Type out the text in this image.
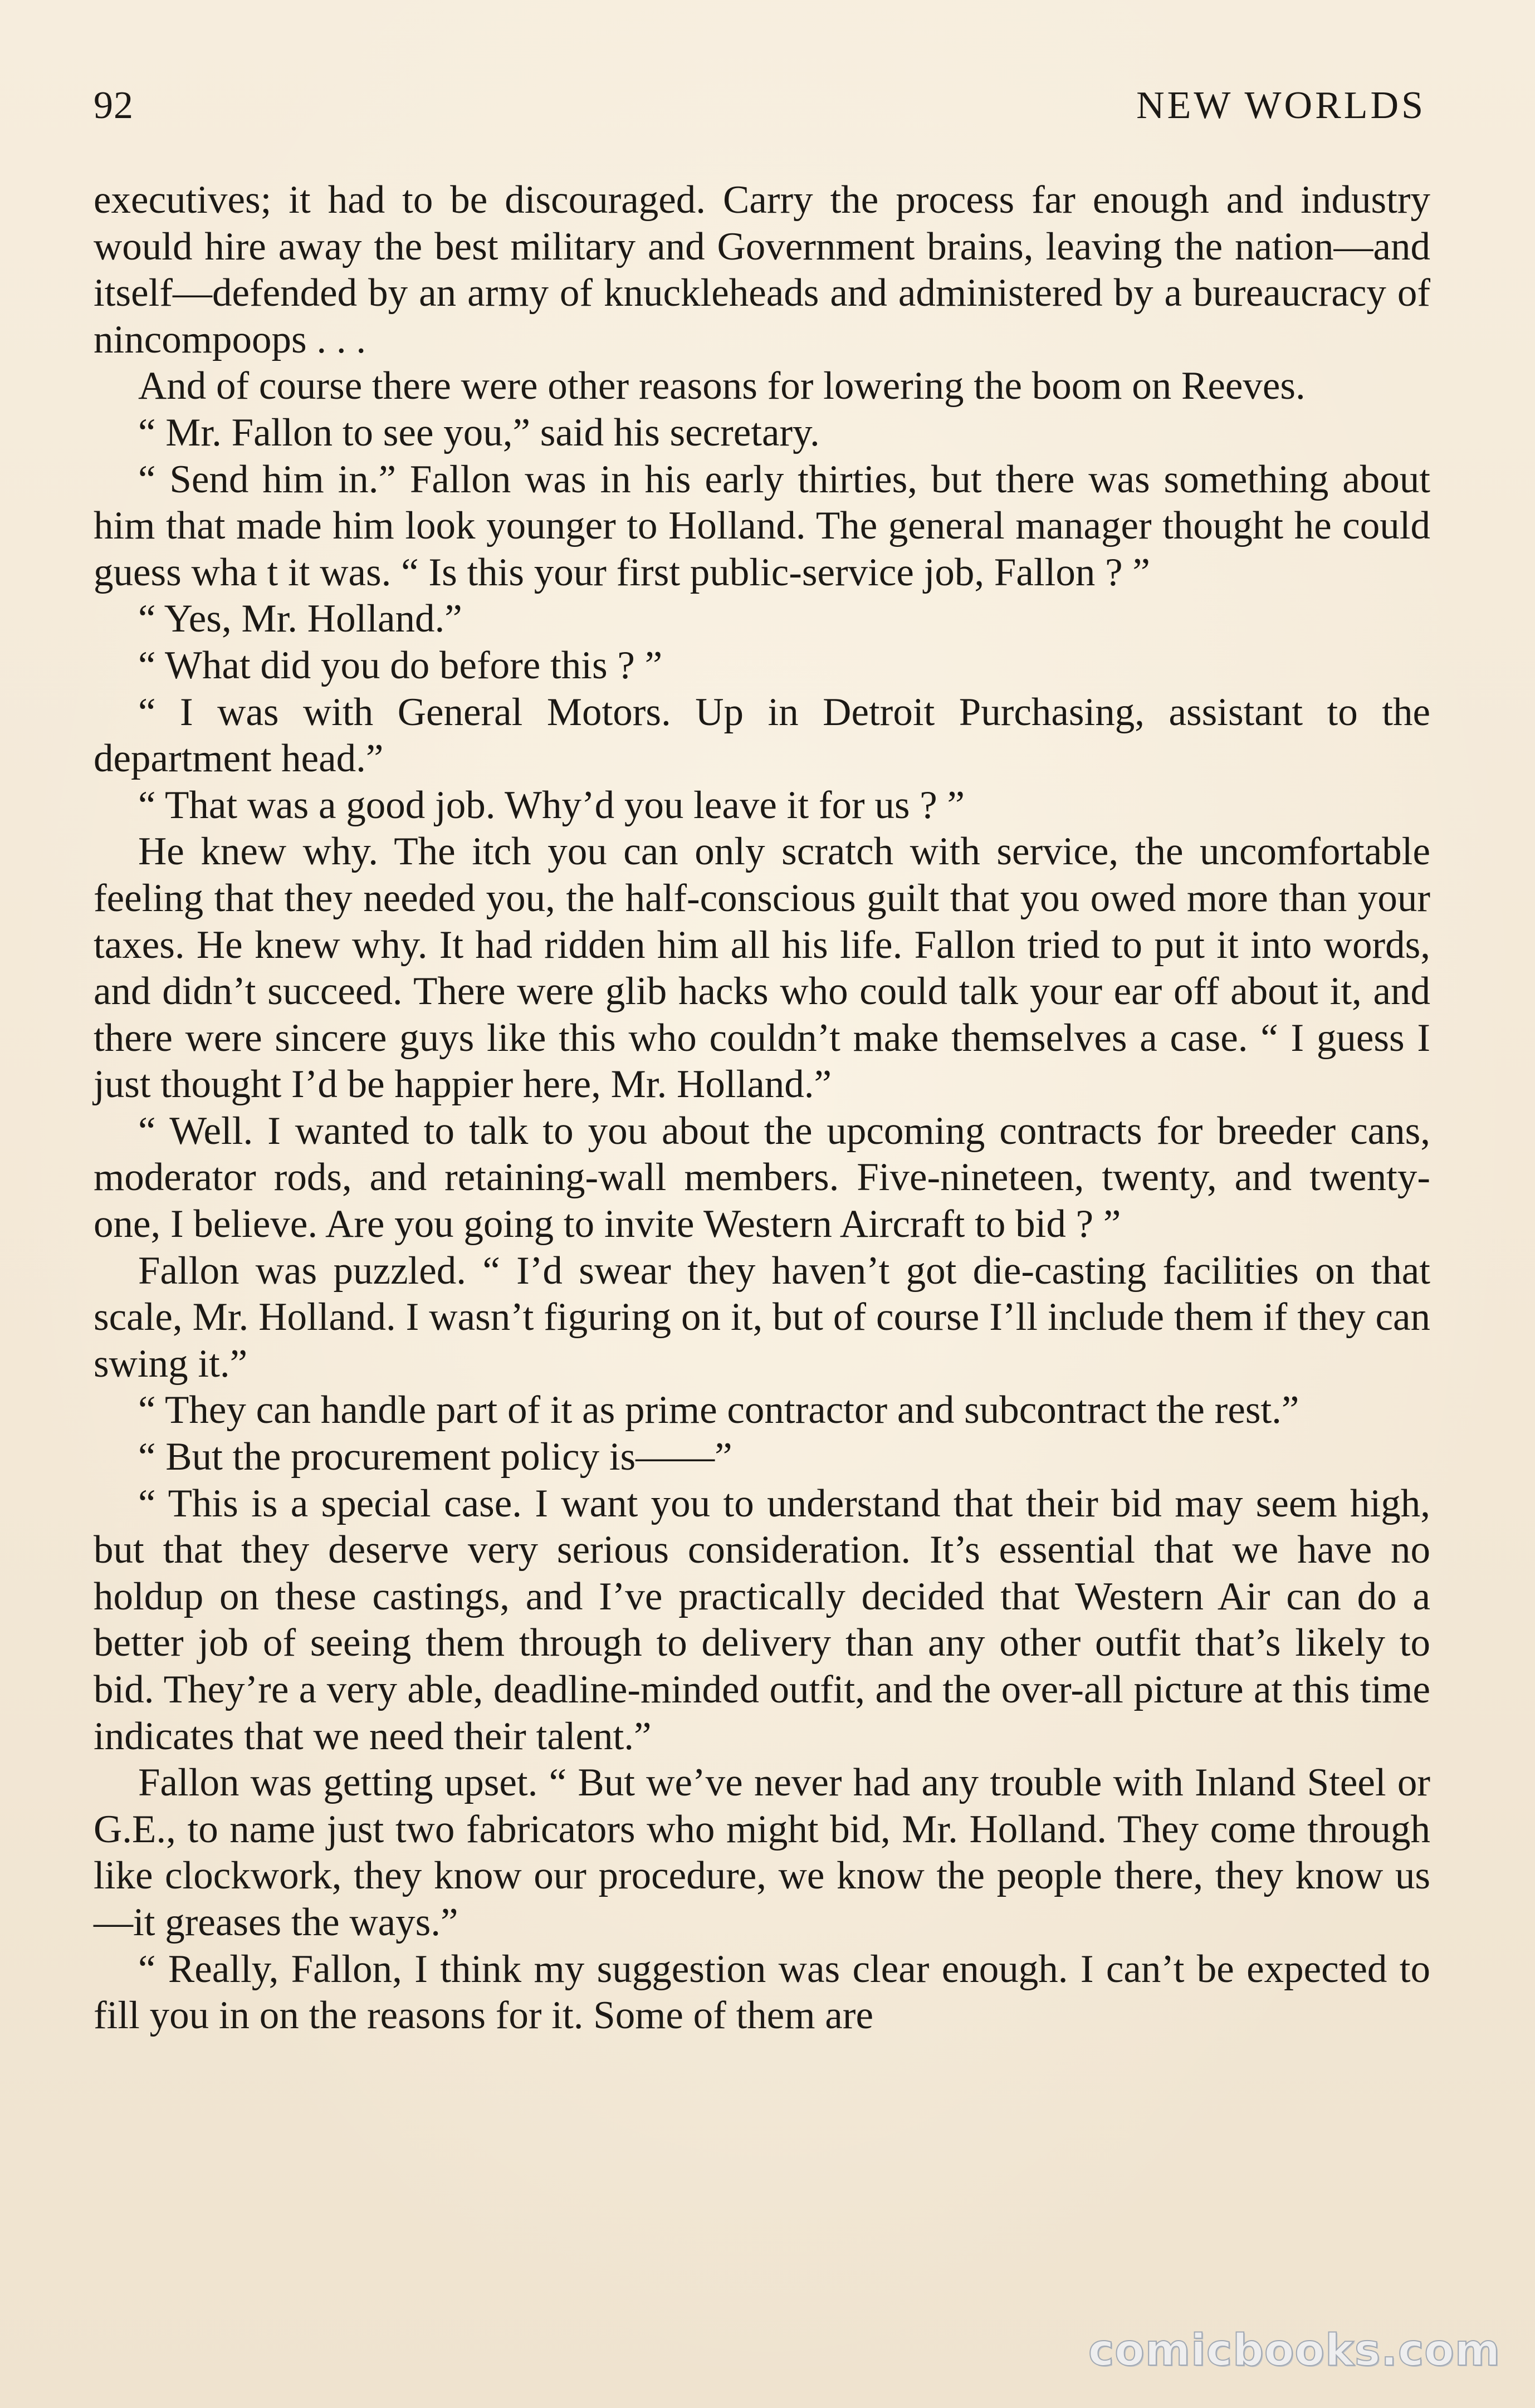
92	NEW WORLDS

executives; it had to be discouraged. Carry the process far enough and industry would hire away the best military and Government brains, leaving the nation—and itself—defended by an army of knuckleheads and administered by a bureaucracy of nincompoops . . .

And of course there were other reasons for lowering the boom on Reeves.

“ Mr. Fallon to see you,” said his secretary.

“ Send him in.” Fallon was in his early thirties, but there was something about him that made him look younger to Holland. The general manager thought he could guess wha t it was. “ Is this your first public-service job, Fallon ? ”

“ Yes, Mr. Holland.”

“ What did you do before this ? ”

“ I was with General Motors. Up in Detroit Purchasing, assistant to the department head.”

“ That was a good job. Why’d you leave it for us ? ”

He knew why. The itch you can only scratch with service, the uncomfortable feeling that they needed you, the half-conscious guilt that you owed more than your taxes. He knew why. It had ridden him all his life. Fallon tried to put it into words, and didn’t succeed. There were glib hacks who could talk your ear off about it, and there were sincere guys like this who couldn’t make themselves a case. “ I guess I just thought I’d be happier here, Mr. Holland.”

“ Well. I wanted to talk to you about the upcoming contracts for breeder cans, moderator rods, and retaining-wall members. Five-nineteen, twenty, and twenty-one, I believe. Are you going to invite Western Aircraft to bid ? ”

Fallon was puzzled. “ I’d swear they haven’t got die-casting facilities on that scale, Mr. Holland. I wasn’t figuring on it, but of course I’ll include them if they can swing it.”

“ They can handle part of it as prime contractor and subcontract the rest.”

“ But the procurement policy is——”

“ This is a special case. I want you to understand that their bid may seem high, but that they deserve very serious consideration. It’s essential that we have no holdup on these castings, and I’ve practically decided that Western Air can do a better job of seeing them through to delivery than any other outfit that’s likely to bid. They’re a very able, deadline-minded outfit, and the over-all picture at this time indicates that we need their talent.”

Fallon was getting upset. “ But we’ve never had any trouble with Inland Steel or G.E., to name just two fabricators who might bid, Mr. Holland. They come through like clockwork, they know our procedure, we know the people there, they know us—it greases the ways.”

“ Really, Fallon, I think my suggestion was clear enough. I can’t be expected to fill you in on the reasons for it. Some of them are

comicbooks.com
